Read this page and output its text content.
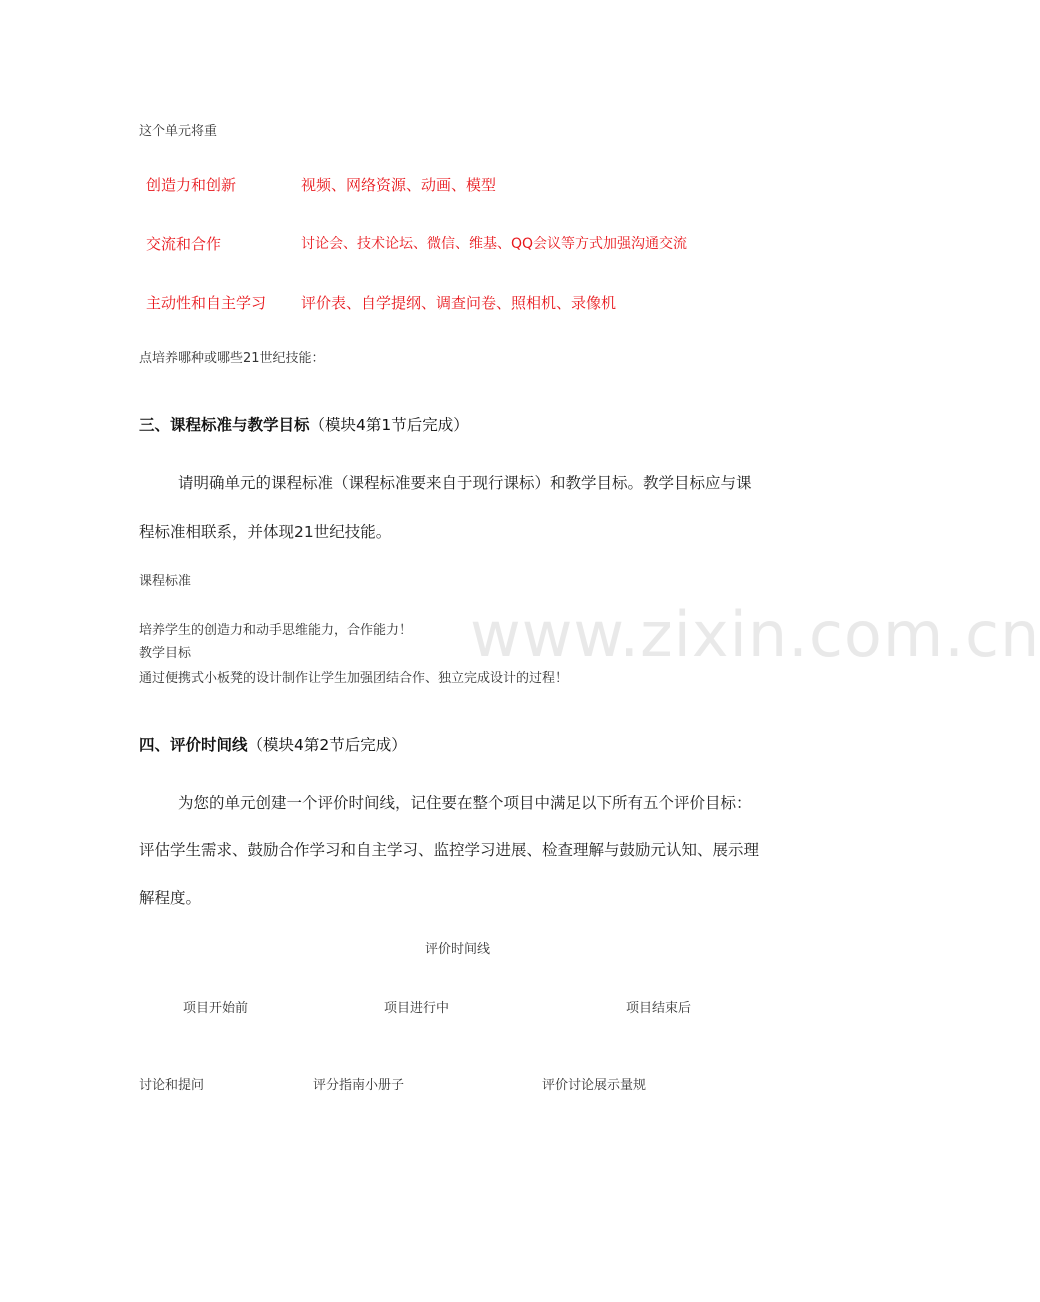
www.zixin.com.cn
这个单元将重
创造力和创新	视频、网络资源、动画、模型
交流和合作	讨论会、技术论坛、微信、维基、QQ会议等方式加强沟通交流
主动性和自主学习 评价表、自学提纲、调查问卷、照相机、录像机
点培养哪种或哪些21世纪技能：
三、课程标准与教学目标（模块4第1节后完成）
请明确单元的课程标准（课程标准要来自于现行课标）和教学目标。教学目标应与课
程标准相联系，并体现21世纪技能。
课程标准
培养学生的创造力和动手思维能力，合作能力！
教学目标
通过便携式小板凳的设计制作让学生加强团结合作、独立完成设计的过程！
四、评价时间线（模块4第2节后完成）
为您的单元创建一个评价时间线，记住要在整个项目中满足以下所有五个评价目标：
评估学生需求、鼓励合作学习和自主学习、监控学习进展、检查理解与鼓励元认知、展示理
解程度。
评价时间线
项目开始前	项目进行中	项目结束后
讨论和提问	评分指南小册子	评价讨论展示量规
